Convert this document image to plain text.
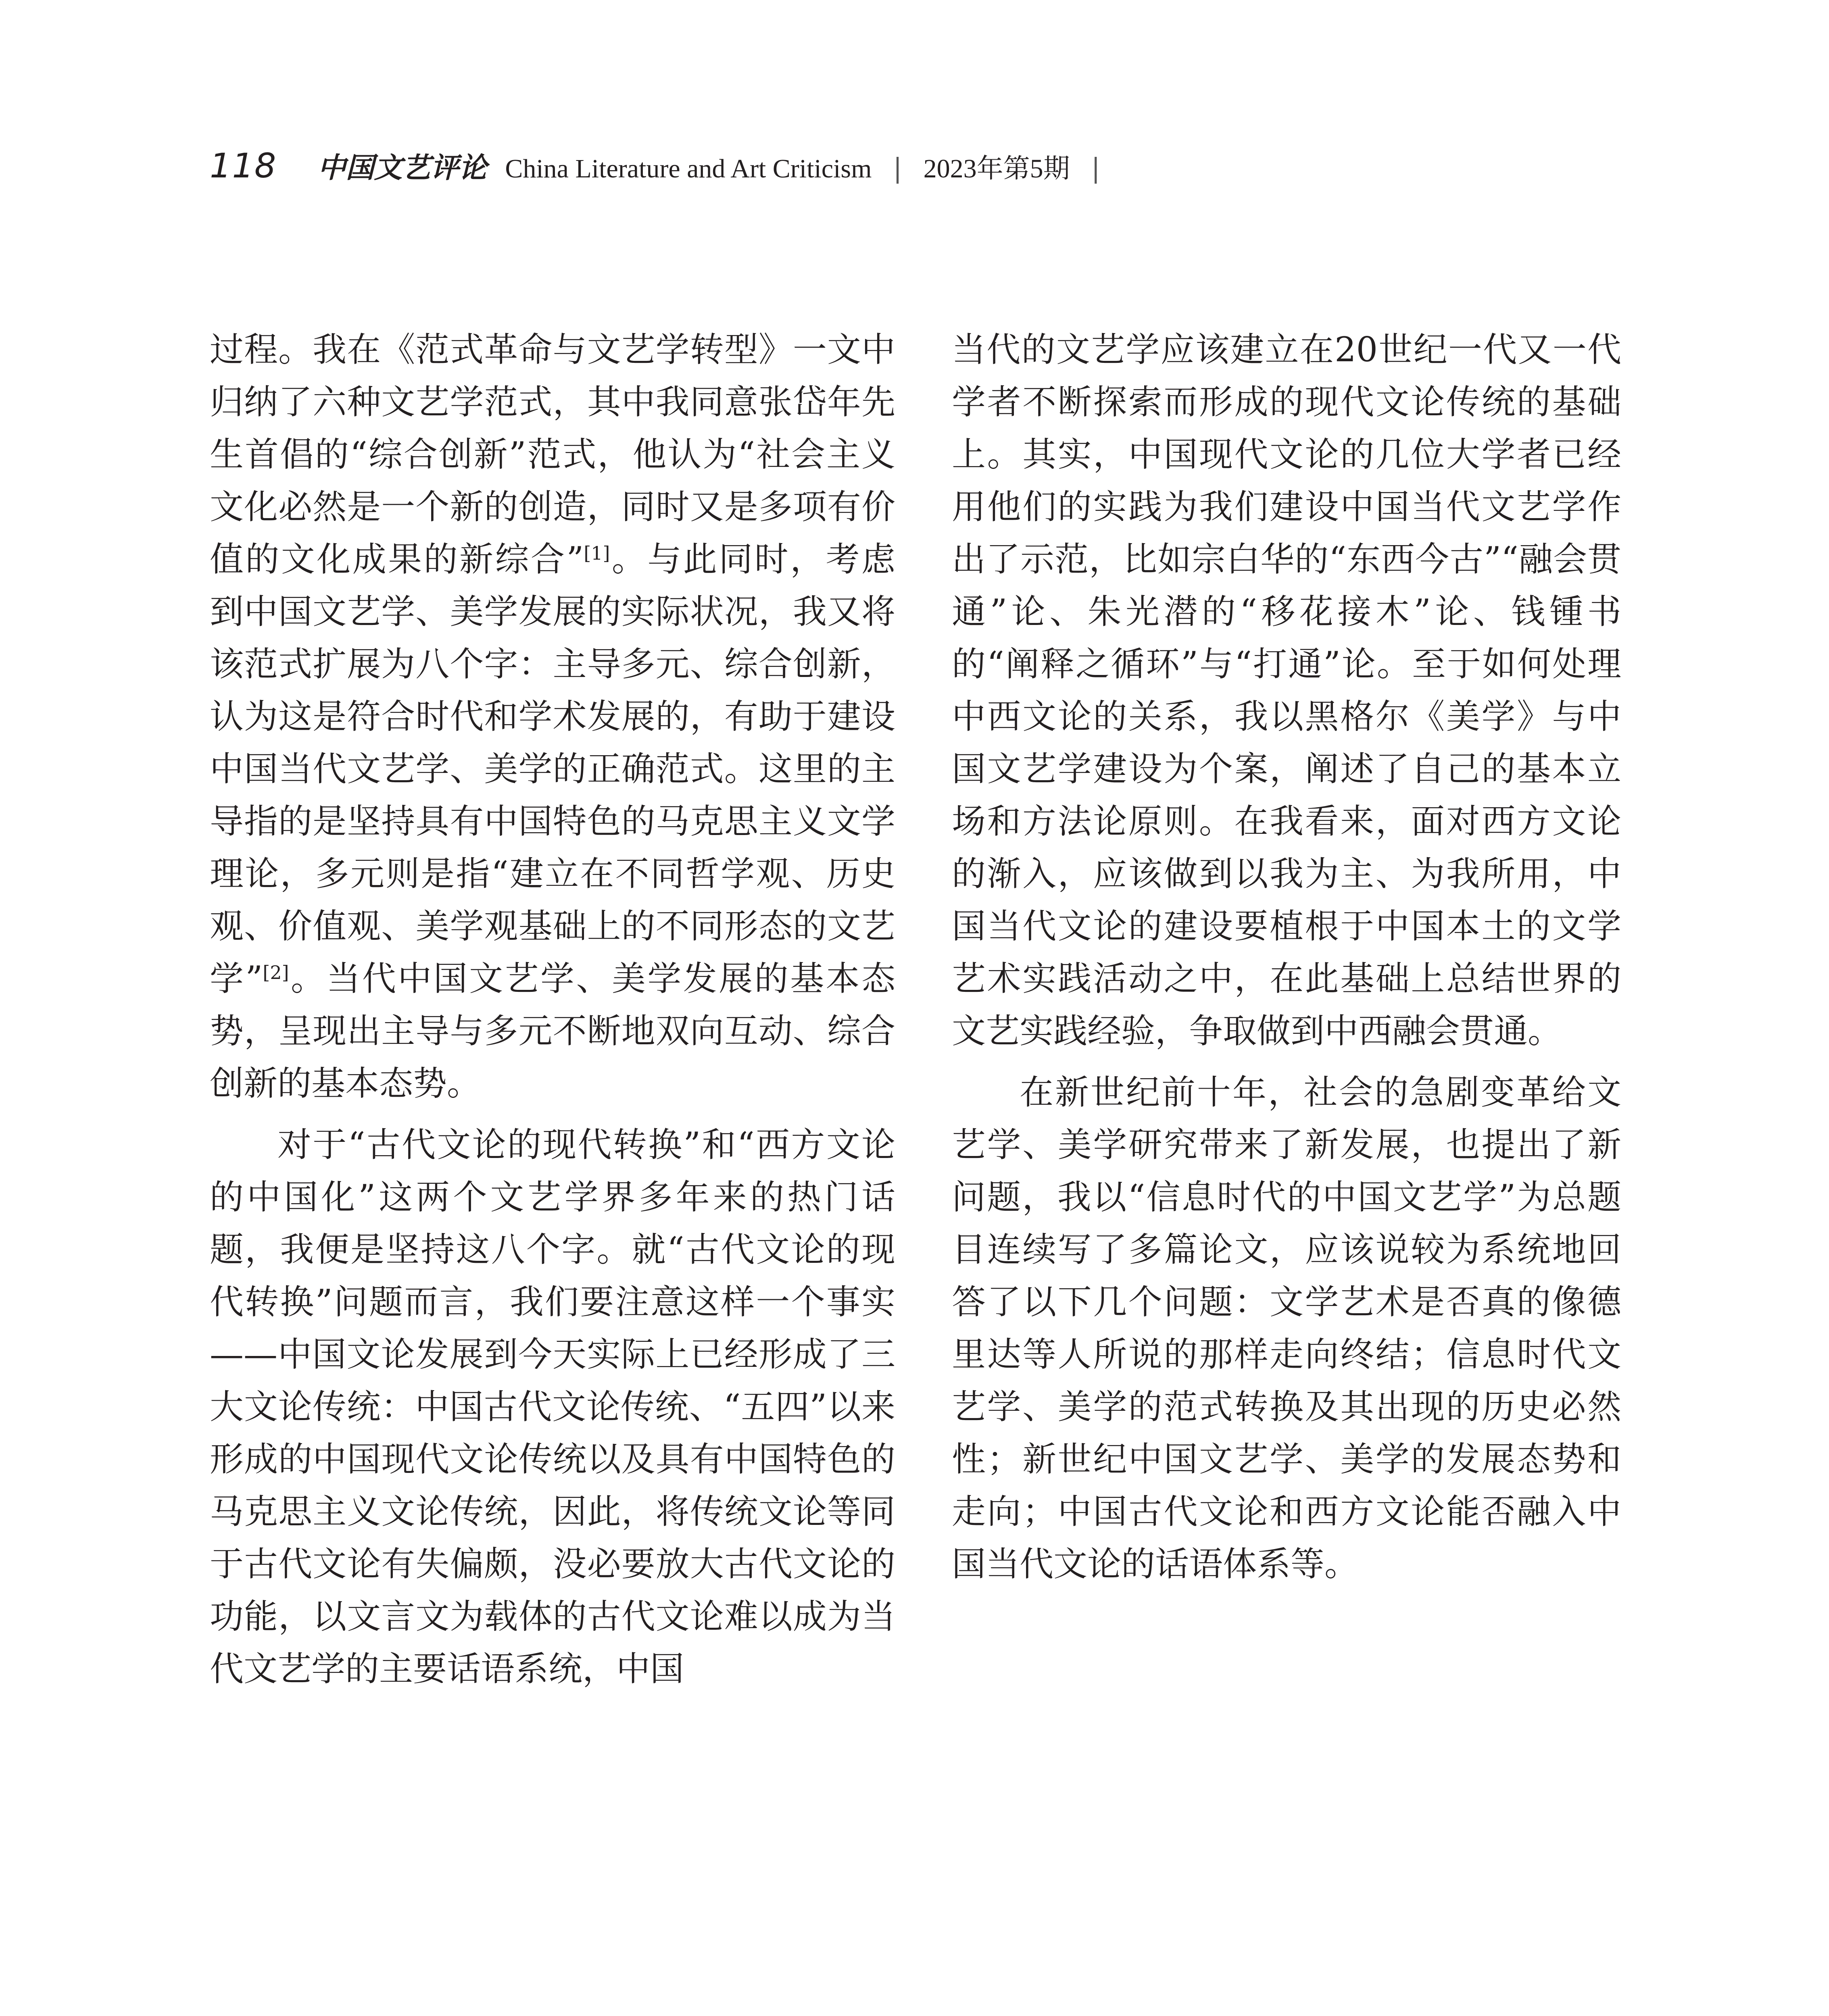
118 中国文艺评论 China Literature and Art Criticism | 2023年第5期 |

过程。我在《范式革命与文艺学转型》一文中归纳了六种文艺学范式，其中我同意张岱年先生首倡的“综合创新”范式，他认为“社会主义文化必然是一个新的创造，同时又是多项有价值的文化成果的新综合”[1]。与此同时，考虑到中国文艺学、美学发展的实际状况，我又将该范式扩展为八个字：主导多元、综合创新，认为这是符合时代和学术发展的，有助于建设中国当代文艺学、美学的正确范式。这里的主导指的是坚持具有中国特色的马克思主义文学理论，多元则是指“建立在不同哲学观、历史观、价值观、美学观基础上的不同形态的文艺学”[2]。当代中国文艺学、美学发展的基本态势，呈现出主导与多元不断地双向互动、综合创新的基本态势。

对于“古代文论的现代转换”和“西方文论的中国化”这两个文艺学界多年来的热门话题，我便是坚持这八个字。就“古代文论的现代转换”问题而言，我们要注意这样一个事实——中国文论发展到今天实际上已经形成了三大文论传统：中国古代文论传统、“五四”以来形成的中国现代文论传统以及具有中国特色的马克思主义文论传统，因此，将传统文论等同于古代文论有失偏颇，没必要放大古代文论的功能，以文言文为载体的古代文论难以成为当代文艺学的主要话语系统，中国

当代的文艺学应该建立在20世纪一代又一代学者不断探索而形成的现代文论传统的基础上。其实，中国现代文论的几位大学者已经用他们的实践为我们建设中国当代文艺学作出了示范，比如宗白华的“东西今古”“融会贯通”论、朱光潜的“移花接木”论、钱锺书的“阐释之循环”与“打通”论。至于如何处理中西文论的关系，我以黑格尔《美学》与中国文艺学建设为个案，阐述了自己的基本立场和方法论原则。在我看来，面对西方文论的渐入，应该做到以我为主、为我所用，中国当代文论的建设要植根于中国本土的文学艺术实践活动之中，在此基础上总结世界的文艺实践经验，争取做到中西融会贯通。

在新世纪前十年，社会的急剧变革给文艺学、美学研究带来了新发展，也提出了新问题，我以“信息时代的中国文艺学”为总题目连续写了多篇论文，应该说较为系统地回答了以下几个问题：文学艺术是否真的像德里达等人所说的那样走向终结；信息时代文艺学、美学的范式转换及其出现的历史必然性；新世纪中国文艺学、美学的发展态势和走向；中国古代文论和西方文论能否融入中国当代文论的话语体系等。
